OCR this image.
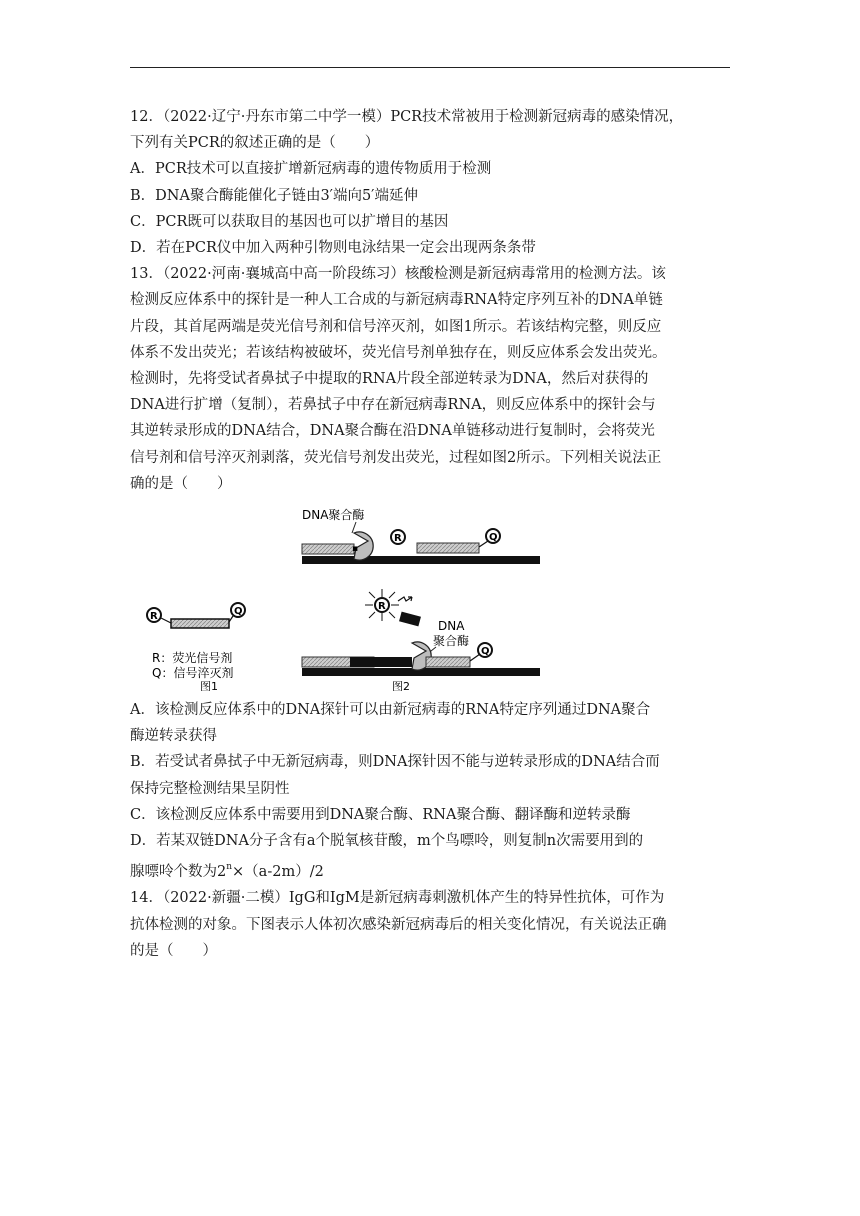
12．（2022·辽宁·丹东市第二中学一模）PCR技术常被用于检测新冠病毒的感染情况，

下列有关PCR的叙述正确的是（　　）

A．PCR技术可以直接扩增新冠病毒的遗传物质用于检测

B．DNA聚合酶能催化子链由3′端向5′端延伸

C．PCR既可以获取目的基因也可以扩增目的基因

D．若在PCR仪中加入两种引物则电泳结果一定会出现两条条带

13．（2022·河南·襄城高中高一阶段练习）核酸检测是新冠病毒常用的检测方法。该

检测反应体系中的探针是一种人工合成的与新冠病毒RNA特定序列互补的DNA单链

片段，其首尾两端是荧光信号剂和信号淬灭剂，如图1所示。若该结构完整，则反应

体系不发出荧光；若该结构被破坏，荧光信号剂单独存在，则反应体系会发出荧光。

检测时，先将受试者鼻拭子中提取的RNA片段全部逆转录为DNA，然后对获得的

DNA进行扩增（复制），若鼻拭子中存在新冠病毒RNA，则反应体系中的探针会与

其逆转录形成的DNA结合，DNA聚合酶在沿DNA单链移动进行复制时，会将荧光

信号剂和信号淬灭剂剥落，荧光信号剂发出荧光，过程如图2所示。下列相关说法正

确的是（　　）

DNA聚合酶
▪
R	Q
R	Q
R：荧光信号剂
Q：信号淬灭剂
图1
DNA
聚合酶
Q
R
图2

A．该检测反应体系中的DNA探针可以由新冠病毒的RNA特定序列通过DNA聚合

酶逆转录获得

B．若受试者鼻拭子中无新冠病毒，则DNA探针因不能与逆转录形成的DNA结合而

保持完整检测结果呈阴性

C．该检测反应体系中需要用到DNA聚合酶、RNA聚合酶、翻译酶和逆转录酶

D．若某双链DNA分子含有a个脱氧核苷酸，m个鸟嘌呤，则复制n次需要用到的

腺嘌呤个数为$2^n\times(a-2m)/2$

14．（2022·新疆·二模）IgG和IgM是新冠病毒刺激机体产生的特异性抗体，可作为

抗体检测的对象。下图表示人体初次感染新冠病毒后的相关变化情况，有关说法正确

的是（　　）
